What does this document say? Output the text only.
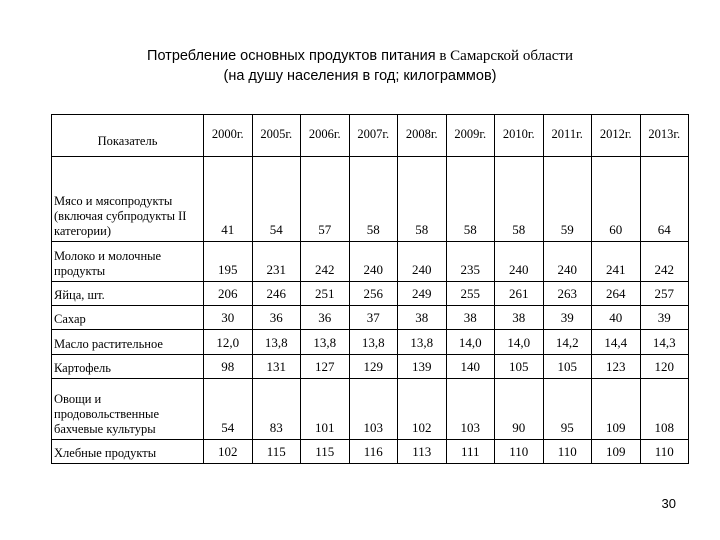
Потребление основных продуктов питания в Самарской области
(на душу населения в год; килограммов)
Показатель	2000г.	2005г.	2006г.	2007г.	2008г.	2009г.	2010г.	2011г.	2012г.	2013г.
Мясо и мясопродукты (включая субпродукты II категории)	41	54	57	58	58	58	58	59	60	64
Молоко и молочные продукты	195	231	242	240	240	235	240	240	241	242
Яйца, шт.	206	246	251	256	249	255	261	263	264	257
Сахар	30	36	36	37	38	38	38	39	40	39
Масло растительное	12,0	13,8	13,8	13,8	13,8	14,0	14,0	14,2	14,4	14,3
Картофель	98	131	127	129	139	140	105	105	123	120
Овощи и продовольственные бахчевые культуры	54	83	101	103	102	103	90	95	109	108
Хлебные продукты	102	115	115	116	113	111	110	110	109	110
30
